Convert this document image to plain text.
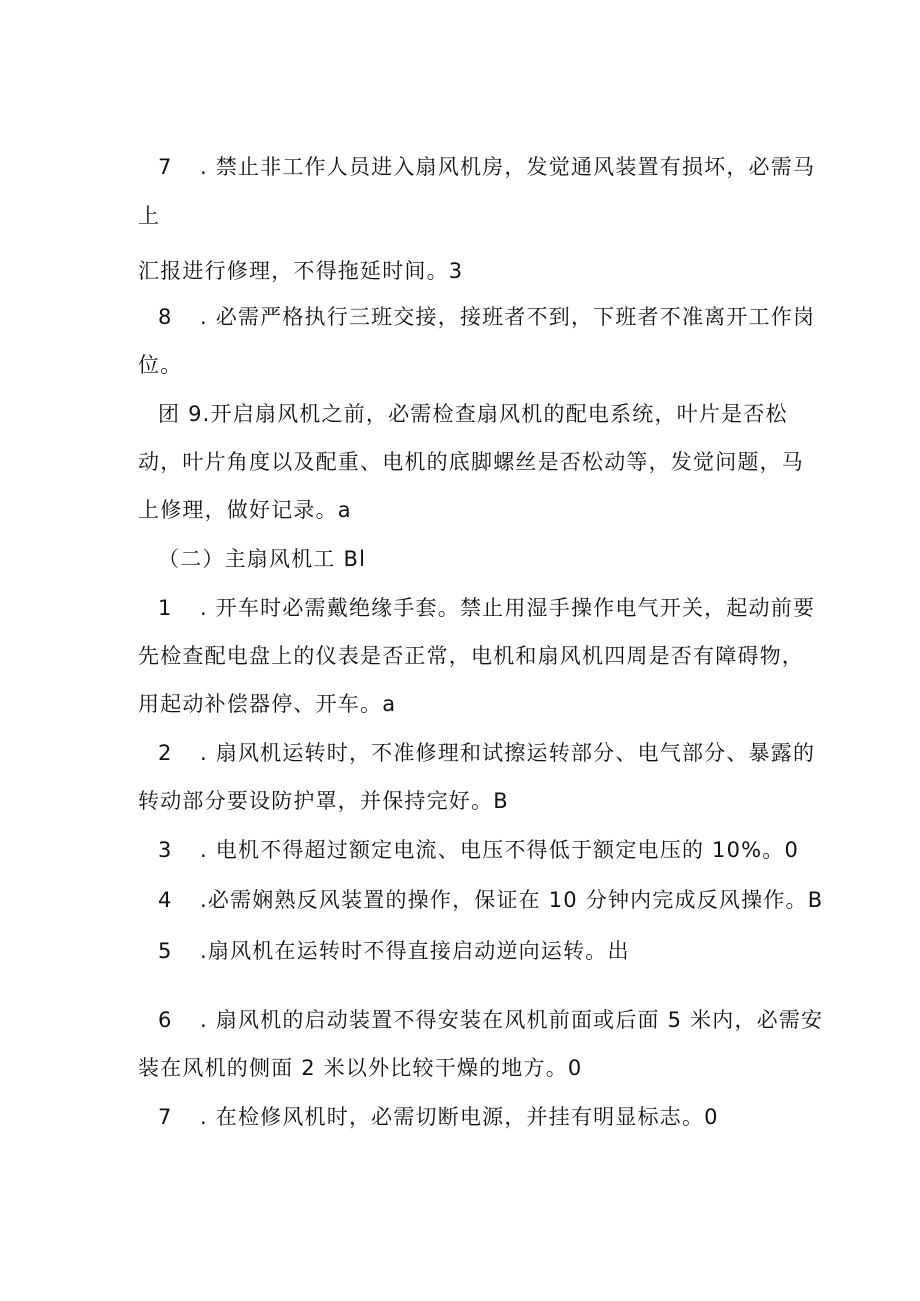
7 . 禁止非工作人员进入扇风机房，发觉通风装置有损坏，必需马
上
汇报进行修理，不得拖延时间。3
8 . 必需严格执行三班交接，接班者不到，下班者不准离开工作岗
位。
团 9.开启扇风机之前，必需检查扇风机的配电系统，叶片是否松
动，叶片角度以及配重、电机的底脚螺丝是否松动等，发觉问题，马
上修理，做好记录。a
（二）主扇风机工 Bl
1 . 开车时必需戴绝缘手套。禁止用湿手操作电气开关，起动前要
先检查配电盘上的仪表是否正常，电机和扇风机四周是否有障碍物，
用起动补偿器停、开车。a
2 . 扇风机运转时，不准修理和试擦运转部分、电气部分、暴露的
转动部分要设防护罩，并保持完好。B
3 . 电机不得超过额定电流、电压不得低于额定电压的 10%。0
4 .必需娴熟反风装置的操作，保证在 10 分钟内完成反风操作。B
5 .扇风机在运转时不得直接启动逆向运转。出
6 . 扇风机的启动装置不得安装在风机前面或后面 5 米内，必需安
装在风机的侧面 2 米以外比较干燥的地方。0
7 . 在检修风机时，必需切断电源，并挂有明显标志。0
